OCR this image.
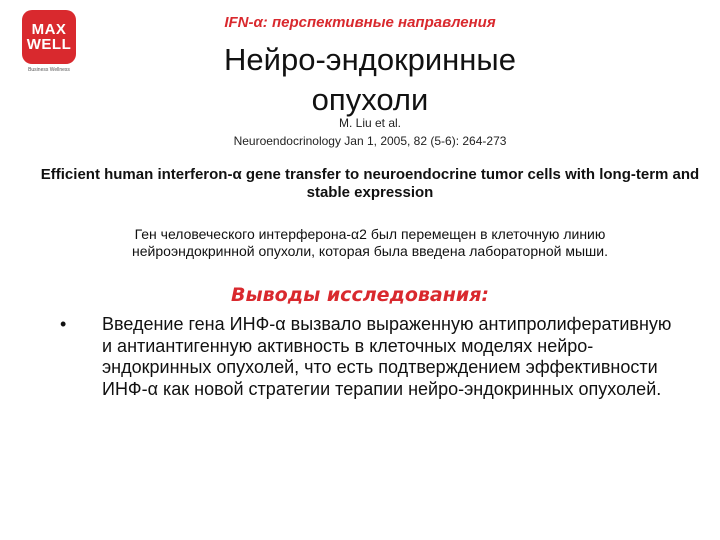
MAX
WELL
Business Wellness
IFN-α: перспективные направления
Нейро-эндокринные опухоли
M. Liu et al.
Neuroendocrinology Jan 1, 2005, 82 (5-6): 264-273
Efficient human interferon-α gene transfer to neuroendocrine tumor cells with long-term and stable expression
Ген человеческого интерферона-α2 был перемещен в клеточную линию нейроэндокринной опухоли, которая была введена лабораторной мыши.
Выводы исследования:
• Введение гена ИНФ-α вызвало выраженную антипролиферативную и антиантигенную активность в клеточных моделях нейро-эндокринных опухолей, что есть подтверждением эффективности ИНФ-α как новой стратегии терапии нейро-эндокринных опухолей.
